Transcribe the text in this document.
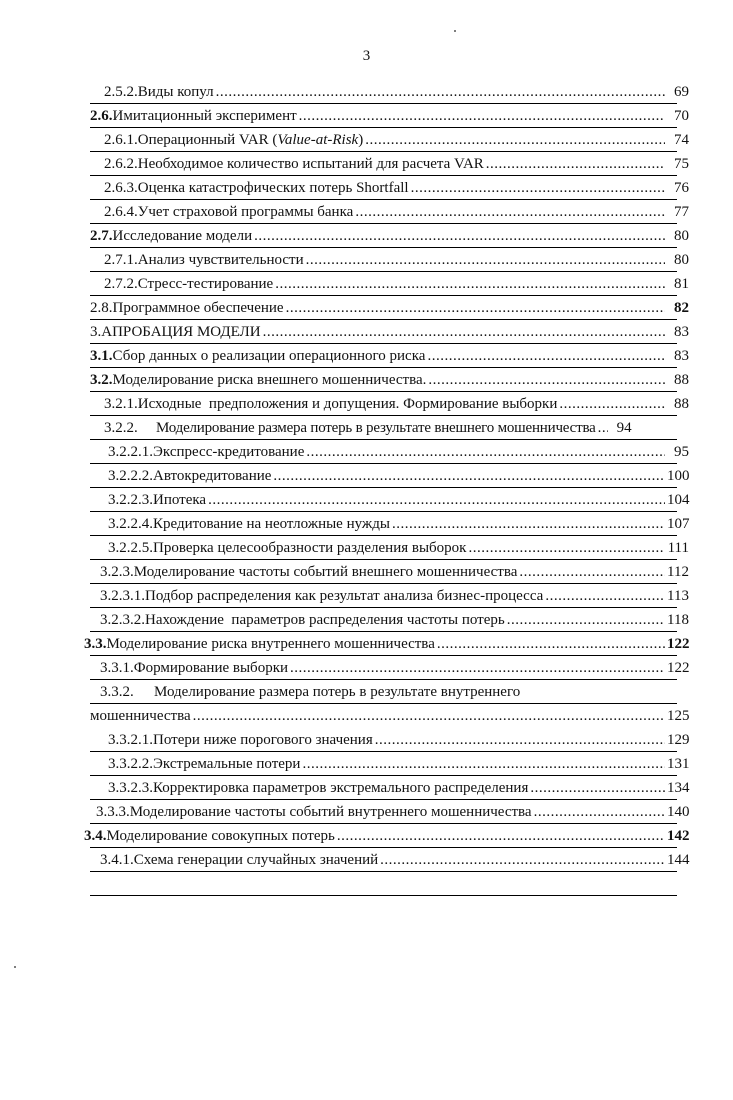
3
2.5.2. Виды копул .....	69
2.6. Имитационный эксперимент .....	70
2.6.1. Операционный VAR (Value-at-Risk) .....	74
2.6.2. Необходимое количество испытаний для расчета VAR .....	75
2.6.3. Оценка катастрофических потерь Shortfall .....	76
2.6.4. Учет страховой программы банка .....	77
2.7. Исследование модели .....	80
2.7.1. Анализ чувствительности .....	80
2.7.2. Стресс-тестирование .....	81
2.8. Программное обеспечение .....	82
3. АПРОБАЦИЯ МОДЕЛИ .....	83
3.1. Сбор данных о реализации операционного риска .....	83
3.2. Моделирование риска внешнего мошенничества. .....	88
3.2.1. Исходные  предположения и допущения. Формирование выборки .....	88
3.2.2.	Моделирование размера потерь в результате внешнего мошенничества .....	94
3.2.2.1. Экспресс-кредитование .....	95
3.2.2.2. Автокредитование .....	100
3.2.2.3. Ипотека .....	104
3.2.2.4. Кредитование на неотложные нужды .....	107
3.2.2.5. Проверка целесообразности разделения выборок .....	111
3.2.3. Моделирование частоты событий внешнего мошенничества .....	112
3.2.3.1. Подбор распределения как результат анализа бизнес-процесса .....	113
3.2.3.2. Нахождение  параметров распределения частоты потерь .....	118
3.3. Моделирование риска внутреннего мошенничества .....	122
3.3.1. Формирование выборки .....	122
3.3.2.	Моделирование размера потерь в результате внутреннего
мошенничества .....	125
3.3.2.1. Потери ниже порогового значения .....	129
3.3.2.2. Экстремальные потери .....	131
3.3.2.3. Корректировка параметров экстремального распределения .....	134
3.3.3. Моделирование частоты событий внутреннего мошенничества .....	140
3.4. Моделирование совокупных потерь .....	142
3.4.1. Схема генерации случайных значений .....	144
